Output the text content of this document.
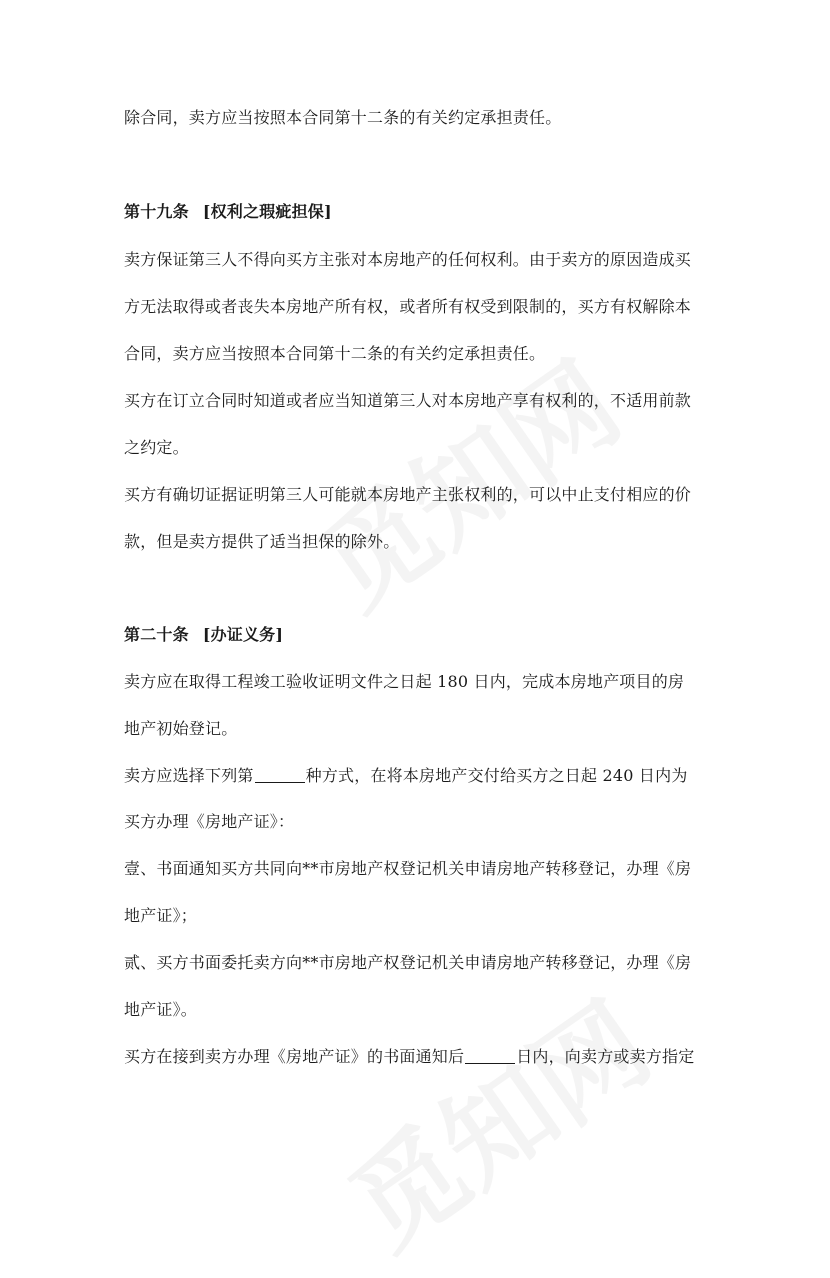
除合同，卖方应当按照本合同第十二条的有关约定承担责任。
第十九条 [权利之瑕疵担保]
卖方保证第三人不得向买方主张对本房地产的任何权利。由于卖方的原因造成买
方无法取得或者丧失本房地产所有权，或者所有权受到限制的，买方有权解除本
合同，卖方应当按照本合同第十二条的有关约定承担责任。
买方在订立合同时知道或者应当知道第三人对本房地产享有权利的，不适用前款
之约定。
买方有确切证据证明第三人可能就本房地产主张权利的，可以中止支付相应的价
款，但是卖方提供了适当担保的除外。
第二十条 [办证义务]
卖方应在取得工程竣工验收证明文件之日起 180 日内，完成本房地产项目的房
地产初始登记。
卖方应选择下列第	种方式，在将本房地产交付给买方之日起 240 日内为
买方办理《房地产证》：
壹、书面通知买方共同向**市房地产权登记机关申请房地产转移登记，办理《房
地产证》；
贰、买方书面委托卖方向**市房地产权登记机关申请房地产转移登记，办理《房
地产证》。
买方在接到卖方办理《房地产证》的书面通知后	日内，向卖方或卖方指定
